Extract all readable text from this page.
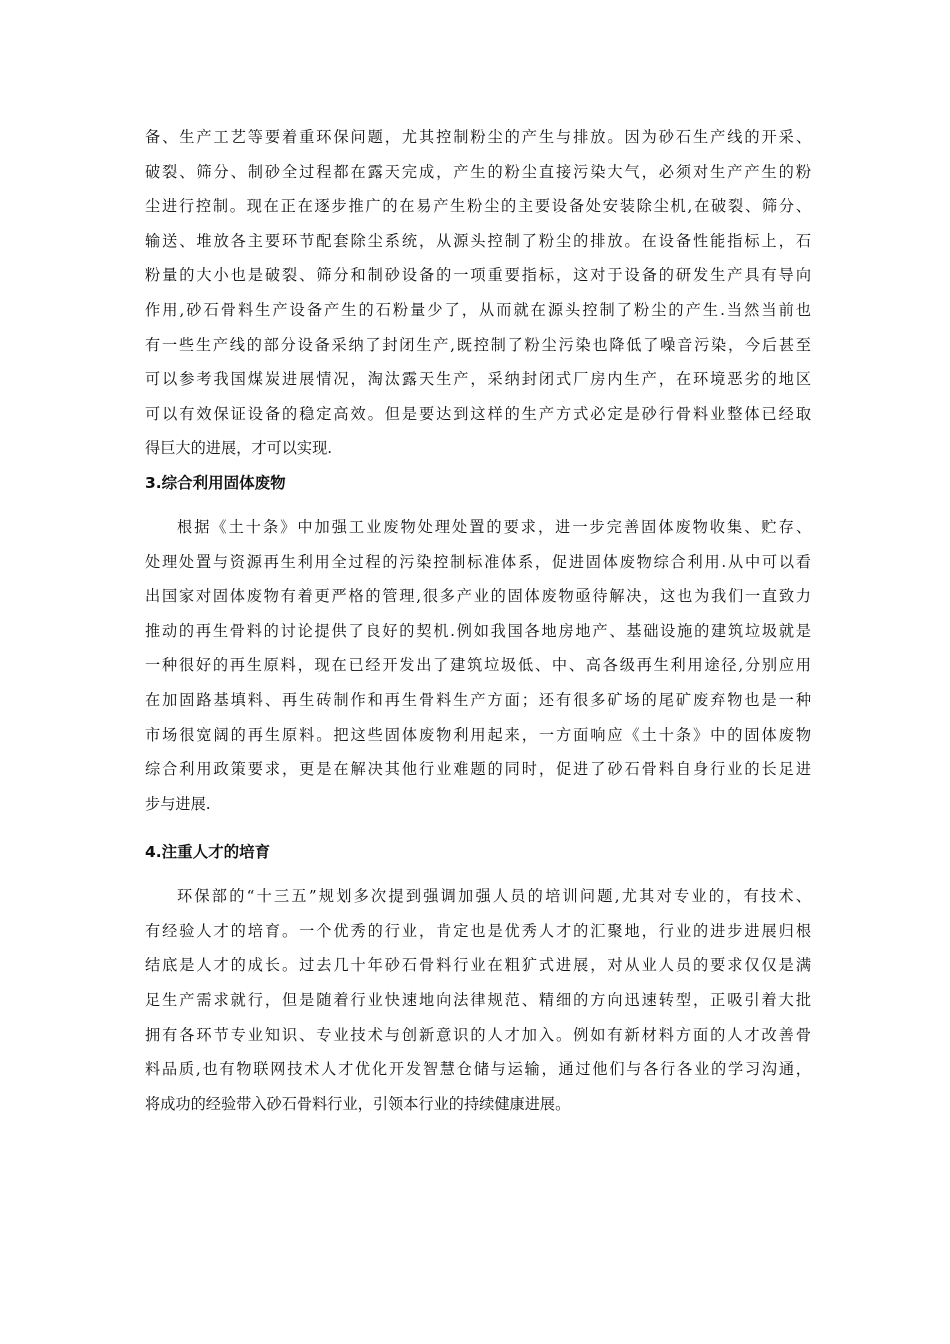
备、生产工艺等要着重环保问题，尤其控制粉尘的产生与排放。因为砂石生产线的开采、
破裂、筛分、制砂全过程都在露天完成，产生的粉尘直接污染大气，必须对生产产生的粉
尘进行控制。现在正在逐步推广的在易产生粉尘的主要设备处安装除尘机,在破裂、筛分、
输送、堆放各主要环节配套除尘系统，从源头控制了粉尘的排放。在设备性能指标上，石
粉量的大小也是破裂、筛分和制砂设备的一项重要指标，这对于设备的研发生产具有导向
作用,砂石骨料生产设备产生的石粉量少了，从而就在源头控制了粉尘的产生.当然当前也
有一些生产线的部分设备采纳了封闭生产,既控制了粉尘污染也降低了噪音污染，今后甚至
可以参考我国煤炭进展情况，淘汰露天生产，采纳封闭式厂房内生产，在环境恶劣的地区
可以有效保证设备的稳定高效。但是要达到这样的生产方式必定是砂行骨料业整体已经取
得巨大的进展，才可以实现.
3.综合利用固体废物
根据《土十条》中加强工业废物处理处置的要求，进一步完善固体废物收集、贮存、
处理处置与资源再生利用全过程的污染控制标准体系，促进固体废物综合利用.从中可以看
出国家对固体废物有着更严格的管理,很多产业的固体废物亟待解决，这也为我们一直致力
推动的再生骨料的讨论提供了良好的契机.例如我国各地房地产、基础设施的建筑垃圾就是
一种很好的再生原料，现在已经开发出了建筑垃圾低、中、高各级再生利用途径,分别应用
在加固路基填料、再生砖制作和再生骨料生产方面；还有很多矿场的尾矿废弃物也是一种
市场很宽阔的再生原料。把这些固体废物利用起来，一方面响应《土十条》中的固体废物
综合利用政策要求，更是在解决其他行业难题的同时，促进了砂石骨料自身行业的长足进
步与进展.
4.注重人才的培育
环保部的“十三五”规划多次提到强调加强人员的培训问题,尤其对专业的，有技术、
有经验人才的培育。一个优秀的行业，肯定也是优秀人才的汇聚地，行业的进步进展归根
结底是人才的成长。过去几十年砂石骨料行业在粗犷式进展，对从业人员的要求仅仅是满
足生产需求就行，但是随着行业快速地向法律规范、精细的方向迅速转型，正吸引着大批
拥有各环节专业知识、专业技术与创新意识的人才加入。例如有新材料方面的人才改善骨
料品质,也有物联网技术人才优化开发智慧仓储与运输，通过他们与各行各业的学习沟通，
将成功的经验带入砂石骨料行业，引领本行业的持续健康进展。
